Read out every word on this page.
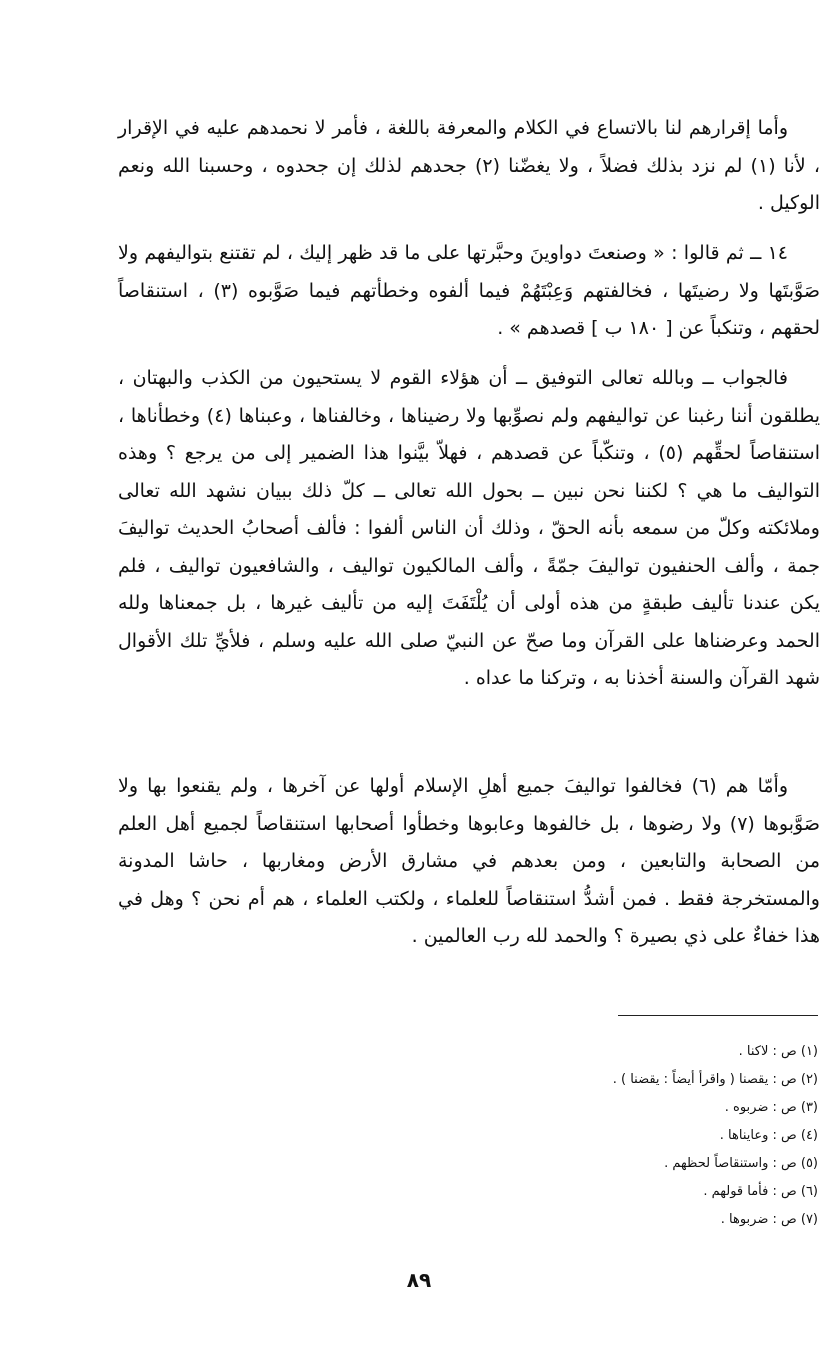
وأما إقرارهم لنا بالاتساع في الكلام والمعرفة باللغة ، فأمر لا نحمدهم عليه في الإقرار ، لأنا (١) لم نزد بذلك فضلاً ، ولا يغضّنا (٢) جحدهم لذلك إن جحدوه ، وحسبنا الله ونعم الوكيل .

١٤ ــ ثم قالوا : « وصنعتَ دواوينَ وحبَّرتها على ما قد ظهر إليك ، لم تقتنع بتواليفهم ولا صَوَّبتَها ولا رضيتَها ، فخالفتهم وَعِبْتَهُمْ فيما ألفوه وخطأتهم فيما صَوَّبوه (٣) ، استنقاصاً لحقهم ، وتنكباً عن [ ١٨٠ ب ] قصدهم » .

فالجواب ــ وبالله تعالى التوفيق ــ أن هؤلاء القوم لا يستحيون من الكذب والبهتان ، يطلقون أننا رغبنا عن تواليفهم ولم نصوِّبها ولا رضيناها ، وخالفناها ، وعبناها (٤) وخطأناها ، استنقاصاً لحقِّهم (٥) ، وتنكّباً عن قصدهم ، فهلاّ بيَّنوا هذا الضمير إلى من يرجع ؟ وهذه التواليف ما هي ؟ لكننا نحن نبين ــ بحول الله تعالى ــ كلّ ذلك ببيان نشهد الله تعالى وملائكته وكلّ من سمعه بأنه الحقّ ، وذلك أن الناس ألفوا : فألف أصحابُ الحديث تواليفَ جمة ، وألف الحنفيون تواليفَ جمّةً ، وألف المالكيون تواليف ، والشافعيون تواليف ، فلم يكن عندنا تأليف طبقةٍ من هذه أولى أن يُلْتَفَتَ إليه من تأليف غيرها ، بل جمعناها ولله الحمد وعرضناها على القرآن وما صحّ عن النبيّ صلى الله عليه وسلم ، فلأيِّ تلك الأقوال شهد القرآن والسنة أخذنا به ، وتركنا ما عداه .

وأمّا هم (٦) فخالفوا تواليفَ جميع أهلِ الإسلام أولها عن آخرها ، ولم يقنعوا بها ولا صَوَّبوها (٧) ولا رضوها ، بل خالفوها وعابوها وخطأوا أصحابها استنقاصاً لجميع أهل العلم من الصحابة والتابعين ، ومن بعدهم في مشارق الأرض ومغاربها ، حاشا المدونة والمستخرجة فقط . فمن أشدُّ استنقاصاً للعلماء ، ولكتب العلماء ، هم أم نحن ؟ وهل في هذا خفاءٌ على ذي بصيرة ؟ والحمد لله رب العالمين .

(١) ص : لاكنا .
(٢) ص : يقصنا ( واقرأ أيضاً : يقضنا ) .
(٣) ص : ضربوه .
(٤) ص : وعاينا‌ها .
(٥) ص : واستنقاصاً لحظهم .
(٦) ص : فأما قولهم .
(٧) ص : ضربوها .
٨٩
